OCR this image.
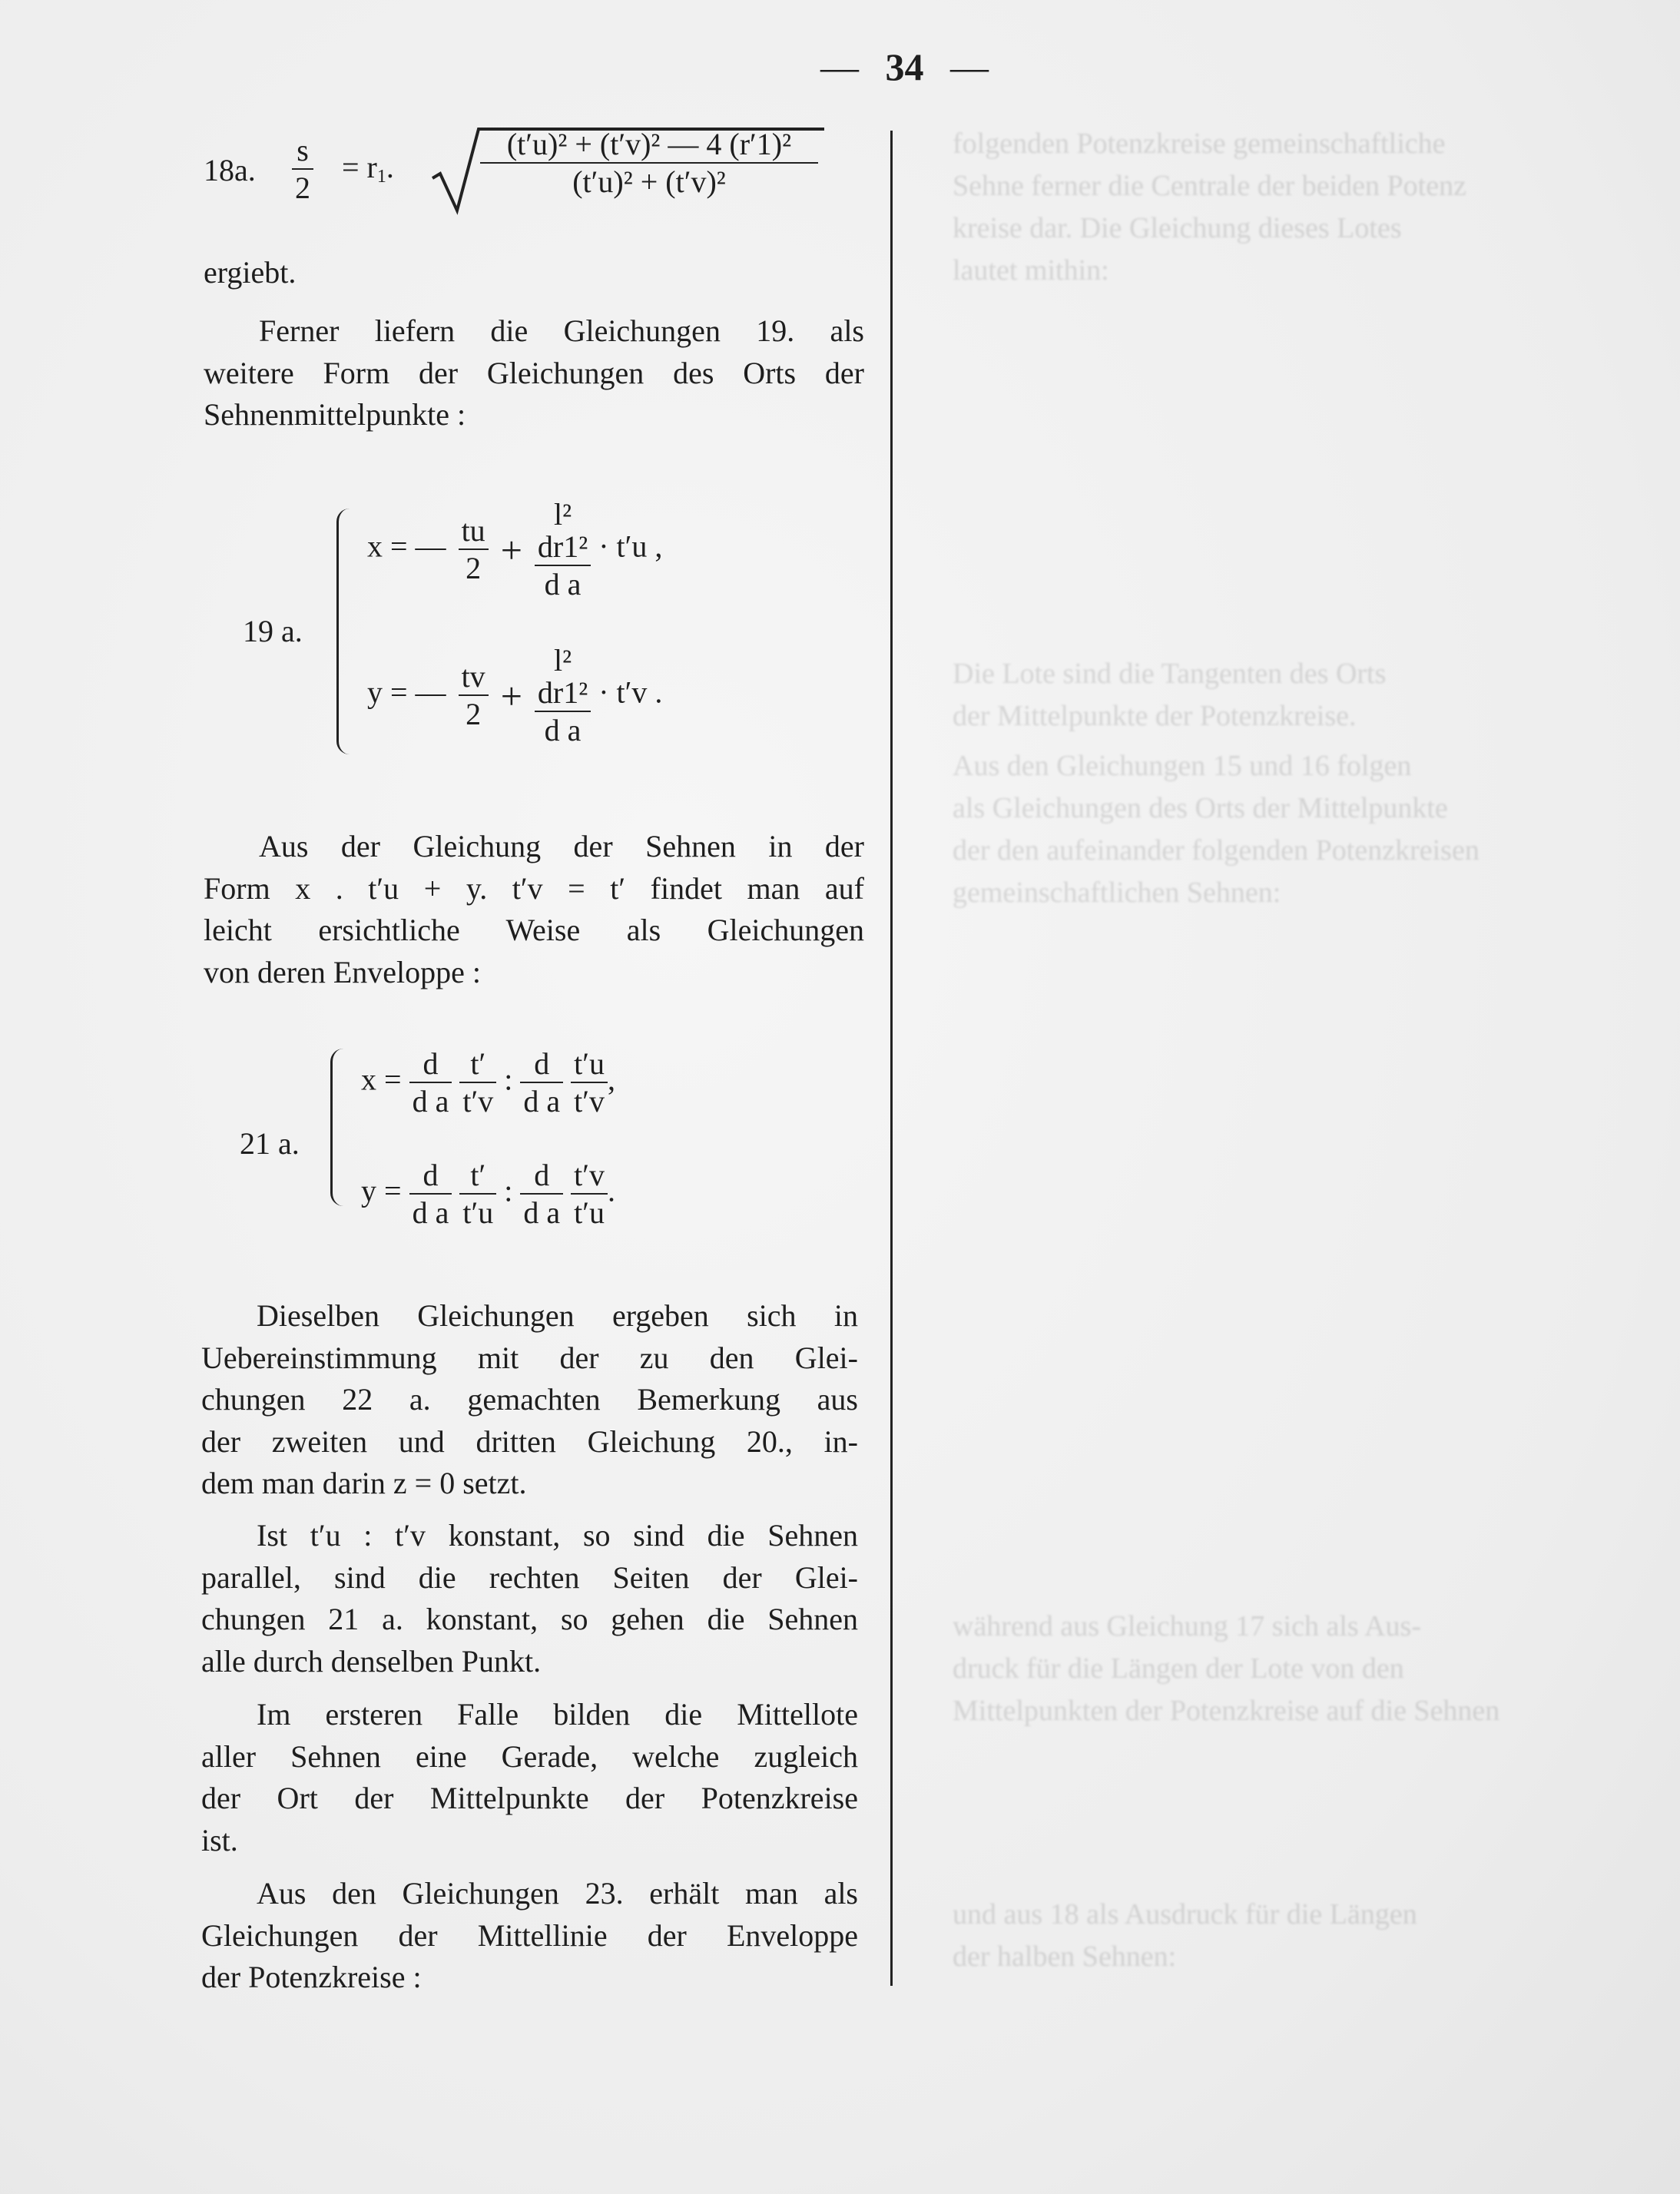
folgenden Potenzkreise gemeinschaftliche
Sehne ferner die Centrale der beiden Potenz
kreise dar. Die Gleichung dieses Lotes
lautet mithin:
Die Lote sind die Tangenten des Orts
der Mittelpunkte der Potenzkreise.
Aus den Gleichungen 15 und 16 folgen
als Gleichungen des Orts der Mittelpunkte
der den aufeinander folgenden Potenzkreisen
gemeinschaftlichen Sehnen:
während aus Gleichung 17 sich als Aus-
druck für die Längen der Lote von den
Mittelpunkten der Potenzkreise auf die Sehnen
und aus 18 als Ausdruck für die Längen
der halben Sehnen:
— 34 —
18a. $\frac{s}{2} = r_1$.	$\frac{\text{(t′u)² + (t′v)² — 4 (r′1)²}}{\text{(t′u)² + (t′v)²}}$
ergiebt.
Ferner liefern die Gleichungen 19. als
weitere Form der Gleichungen des Orts der
Sehnenmittelpunkte :
19 a.
x = — $\frac{tu}{2}$ +
l²
dr1²
d a
· t′u ,
y = — $\frac{tv}{2}$ +
l²
dr1²
d a
· t′v .
Aus der Gleichung der Sehnen in der
Form x . t′u + y. t′v = t′ findet man auf
leicht ersichtliche Weise als Gleichungen
von deren Enveloppe :
21 a.
$x = \frac{d}{\text{d a}}$
$\frac{t'}{t'v}$ : $\frac{d}{\text{d a}}$
$\frac{t'u}{t'v}$ ,
$y = \frac{d}{\text{d a}}$
$\frac{t'}{t'u}$ : $\frac{d}{\text{d a}}$
$\frac{t'v}{t'u}$ .
Dieselben Gleichungen ergeben sich in
Uebereinstimmung mit der zu den Glei-
chungen 22 a. gemachten Bemerkung aus
der zweiten und dritten Gleichung 20., in-
dem man darin z = 0 setzt.
Ist t′u : t′v konstant, so sind die Sehnen
parallel, sind die rechten Seiten der Glei-
chungen 21 a. konstant, so gehen die Sehnen
alle durch denselben Punkt.
Im ersteren Falle bilden die Mittellote
aller Sehnen eine Gerade, welche zugleich
der Ort der Mittelpunkte der Potenzkreise
ist.
Aus den Gleichungen 23. erhält man als
Gleichungen der Mittellinie der Enveloppe
der Potenzkreise :
